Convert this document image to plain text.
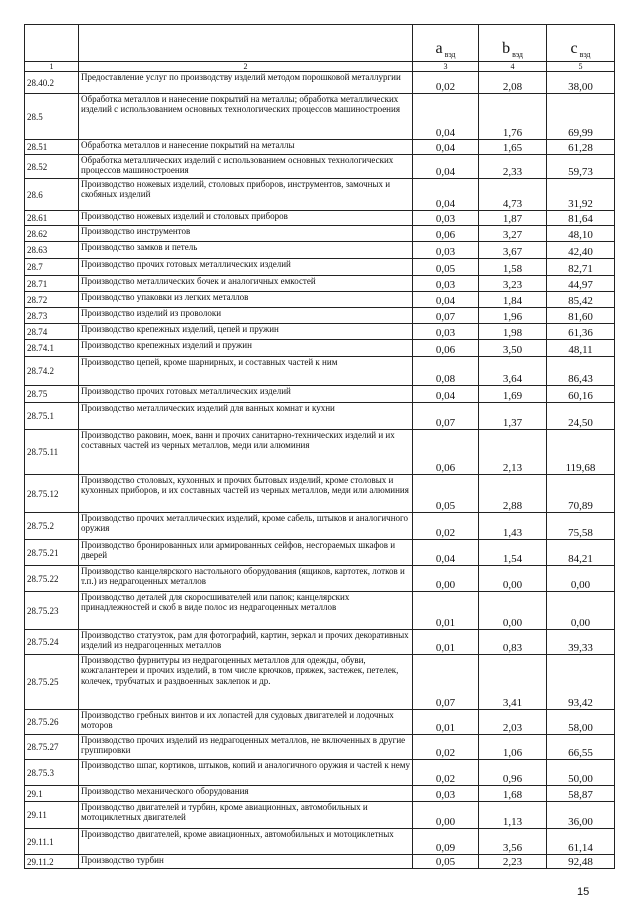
		a $_{вэд}$	b $_{вэд}$	c $_{вэд}$
1	2	3	4	5
28.40.2	Предоставление услуг по производству изделий методом порошковой металлургии	0,02	2,08	38,00
28.5	Обработка металлов и нанесение покрытий на металлы; обработка металлических изделий с использованием основных технологических процессов машиностроения	0,04	1,76	69,99
28.51	Обработка металлов и нанесение покрытий на металлы	0,04	1,65	61,28
28.52	Обработка металлических изделий с использованием основных технологических процессов машиностроения	0,04	2,33	59,73
28.6	Производство ножевых изделий, столовых приборов, инструментов, замочных и скобяных изделий	0,04	4,73	31,92
28.61	Производство ножевых изделий и столовых приборов	0,03	1,87	81,64
28.62	Производство инструментов	0,06	3,27	48,10
28.63	Производство замков и петель	0,03	3,67	42,40
28.7	Производство прочих готовых металлических изделий	0,05	1,58	82,71
28.71	Производство металлических бочек и аналогичных емкостей	0,03	3,23	44,97
28.72	Производство упаковки из легких металлов	0,04	1,84	85,42
28.73	Производство изделий из проволоки	0,07	1,96	81,60
28.74	Производство крепежных изделий, цепей и пружин	0,03	1,98	61,36
28.74.1	Производство крепежных изделий и пружин	0,06	3,50	48,11
28.74.2	Производство цепей, кроме шарнирных, и составных частей к ним	0,08	3,64	86,43
28.75	Производство прочих готовых металлических изделий	0,04	1,69	60,16
28.75.1	Производство металлических изделий для ванных комнат и кухни	0,07	1,37	24,50
28.75.11	Производство раковин, моек, ванн и прочих санитарно-технических изделий и их составных частей из черных металлов, меди или алюминия	0,06	2,13	119,68
28.75.12	Производство столовых, кухонных и прочих бытовых изделий, кроме столовых и кухонных приборов, и их составных частей из черных металлов, меди или алюминия	0,05	2,88	70,89
28.75.2	Производство прочих металлических изделий, кроме сабель, штыков и аналогичного оружия	0,02	1,43	75,58
28.75.21	Производство бронированных или армированных сейфов, несгораемых шкафов и дверей	0,04	1,54	84,21
28.75.22	Производство канцелярского настольного оборудования (ящиков, картотек, лотков и т.п.) из недрагоценных металлов	0,00	0,00	0,00
28.75.23	Производство деталей для скоросшивателей или папок; канцелярских принадлежностей и скоб в виде полос из недрагоценных металлов	0,01	0,00	0,00
28.75.24	Производство статуэток, рам для фотографий, картин, зеркал и прочих декоративных изделий из недрагоценных металлов	0,01	0,83	39,33
28.75.25	Производство фурнитуры из недрагоценных металлов для одежды, обуви, кожгалантереи и прочих изделий, в том числе крючков, пряжек, застежек, петелек, колечек, трубчатых и раздвоенных заклепок и др.	0,07	3,41	93,42
28.75.26	Производство гребных винтов и их лопастей для судовых двигателей и лодочных моторов	0,01	2,03	58,00
28.75.27	Производство прочих изделий из недрагоценных металлов, не включенных в другие группировки	0,02	1,06	66,55
28.75.3	Производство шпаг, кортиков, штыков, копий и аналогичного оружия и частей к нему	0,02	0,96	50,00
29.1	Производство механического оборудования	0,03	1,68	58,87
29.11	Производство двигателей и турбин, кроме авиационных, автомобильных и мотоциклетных двигателей	0,00	1,13	36,00
29.11.1	Производство двигателей, кроме авиационных, автомобильных и мотоциклетных	0,09	3,56	61,14
29.11.2	Производство турбин	0,05	2,23	92,48
15
